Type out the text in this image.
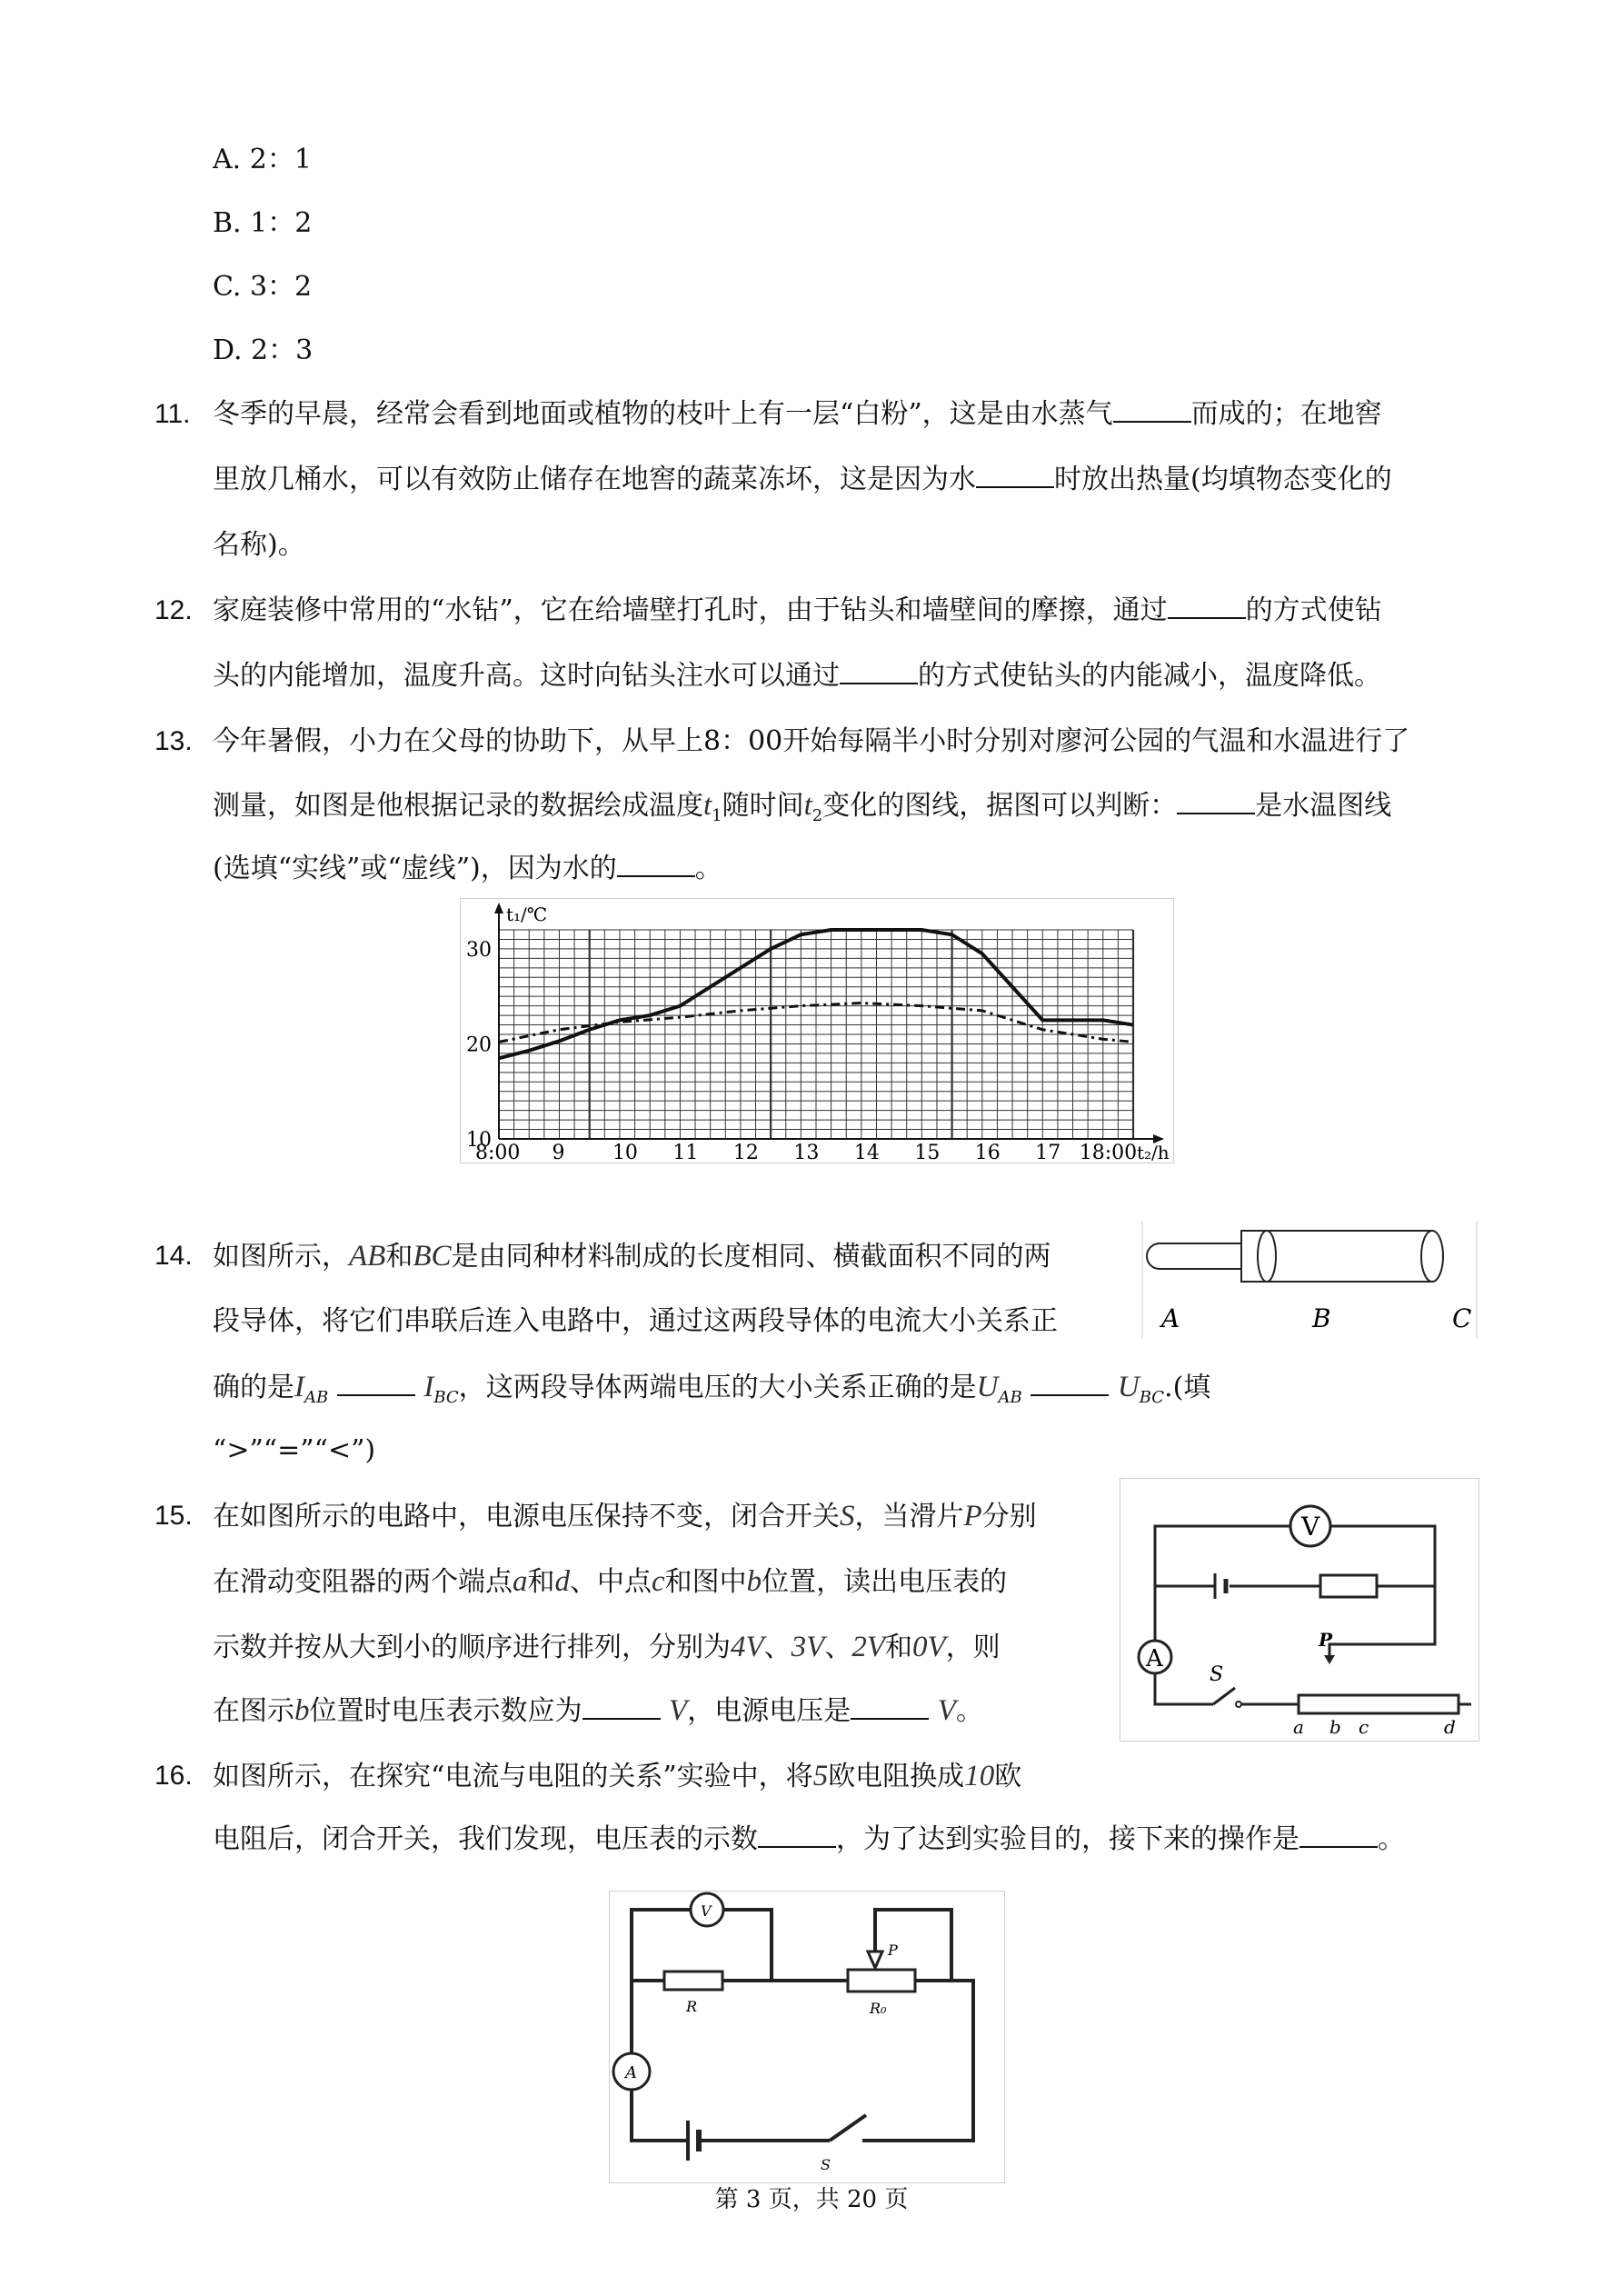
A. 2：1
B. 1：2
C. 3：2
D. 2：3
11. 冬季的早晨，经常会看到地面或植物的枝叶上有一层“白粉”，这是由水蒸气	而成的；在地窖
里放几桶水，可以有效防止储存在地窖的蔬菜冻坏，这是因为水	时放出热量(均填物态变化的
名称)。
12. 家庭装修中常用的“水钻”，它在给墙壁打孔时，由于钻头和墙壁间的摩擦，通过	的方式使钻
头的内能增加，温度升高。这时向钻头注水可以通过	的方式使钻头的内能减小，温度降低。
13. 今年暑假，小力在父母的协助下，从早上8：00开始每隔半小时分别对廖河公园的气温和水温进行了
测量，如图是他根据记录的数据绘成温度$t_1$随时间$t_2$变化的图线，据图可以判断：	是水温图线
(选填“实线”或“虚线”)，因为水的	。
t₁/℃
t₂/h
10
20
30
8:00 9 10 11 12 13 14 15 16 17 18:00
14. 如图所示，AB和BC是由同种材料制成的长度相同、横截面积不同的两
段导体，将它们串联后连入电路中，通过这两段导体的电流大小关系正
确的是$I_{AB}$	$I_{BC}$，这两段导体两端电压的大小关系正确的是$U_{AB}$	$U_{BC}$.(填
“>”“=”“<”)
A	B	C
15. 在如图所示的电路中，电源电压保持不变，闭合开关S，当滑片P分别
在滑动变阻器的两个端点a和d、中点c和图中b位置，读出电压表的
示数并按从大到小的顺序进行排列，分别为4V、3V、2V和0V，则
在图示b位置时电压表示数应为	V，电源电压是	V。
V
A
S
P
a b c	d
16. 如图所示，在探究“电流与电阻的关系”实验中，将5欧电阻换成10欧
电阻后，闭合开关，我们发现，电压表的示数	，为了达到实验目的，接下来的操作是	。
V
R
P
R₀
A
S
第 3 页，共 20 页
